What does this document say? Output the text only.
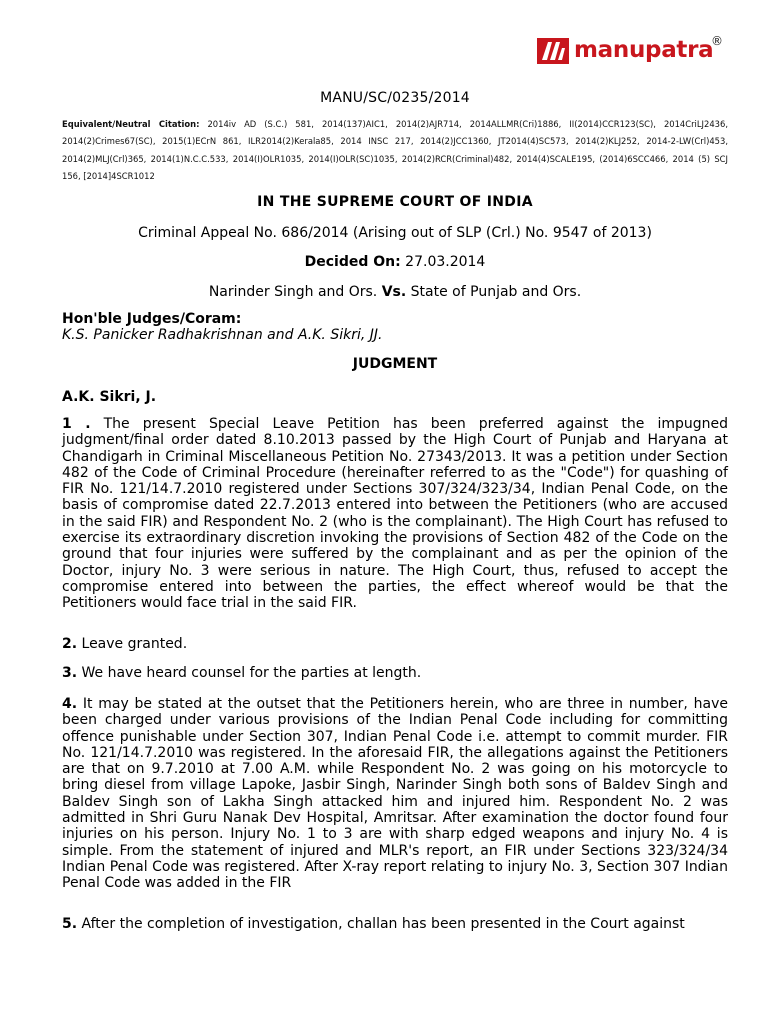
manupatra
®
MANU/SC/0235/2014
Equivalent/Neutral Citation: 2014iv AD (S.C.) 581, 2014(137)AIC1, 2014(2)AJR714, 2014ALLMR(Cri)1886, II(2014)CCR123(SC), 2014CriLJ2436, 2014(2)Crimes67(SC), 2015(1)ECrN 861, ILR2014(2)Kerala85, 2014 INSC 217, 2014(2)JCC1360, JT2014(4)SC573, 2014(2)KLJ252, 2014-2-LW(Crl)453, 2014(2)MLJ(Crl)365, 2014(1)N.C.C.533, 2014(I)OLR1035, 2014(I)OLR(SC)1035, 2014(2)RCR(Criminal)482, 2014(4)SCALE195, (2014)6SCC466, 2014 (5) SCJ 156, [2014]4SCR1012
IN THE SUPREME COURT OF INDIA
Criminal Appeal No. 686/2014 (Arising out of SLP (Crl.) No. 9547 of 2013)
Decided On: 27.03.2014
Narinder Singh and Ors. Vs. State of Punjab and Ors.
Hon'ble Judges/Coram:
K.S. Panicker Radhakrishnan and A.K. Sikri, JJ.
JUDGMENT
A.K. Sikri, J.
1 . The present Special Leave Petition has been preferred against the impugned judgment/final order dated 8.10.2013 passed by the High Court of Punjab and Haryana at Chandigarh in Criminal Miscellaneous Petition No. 27343/2013. It was a petition under Section 482 of the Code of Criminal Procedure (hereinafter referred to as the "Code") for quashing of FIR No. 121/14.7.2010 registered under Sections 307/324/323/34, Indian Penal Code, on the basis of compromise dated 22.7.2013 entered into between the Petitioners (who are accused in the said FIR) and Respondent No. 2 (who is the complainant). The High Court has refused to exercise its extraordinary discretion invoking the provisions of Section 482 of the Code on the ground that four injuries were suffered by the complainant and as per the opinion of the Doctor, injury No. 3 were serious in nature. The High Court, thus, refused to accept the compromise entered into between the parties, the effect whereof would be that the Petitioners would face trial in the said FIR.
2. Leave granted.
3. We have heard counsel for the parties at length.
4. It may be stated at the outset that the Petitioners herein, who are three in number, have been charged under various provisions of the Indian Penal Code including for committing offence punishable under Section 307, Indian Penal Code i.e. attempt to commit murder. FIR No. 121/14.7.2010 was registered. In the aforesaid FIR, the allegations against the Petitioners are that on 9.7.2010 at 7.00 A.M. while Respondent No. 2 was going on his motorcycle to bring diesel from village Lapoke, Jasbir Singh, Narinder Singh both sons of Baldev Singh and Baldev Singh son of Lakha Singh attacked him and injured him. Respondent No. 2 was admitted in Shri Guru Nanak Dev Hospital, Amritsar. After examination the doctor found four injuries on his person. Injury No. 1 to 3 are with sharp edged weapons and injury No. 4 is simple. From the statement of injured and MLR's report, an FIR under Sections 323/324/34 Indian Penal Code was registered. After X-ray report relating to injury No. 3, Section 307 Indian Penal Code was added in the FIR
5. After the completion of investigation, challan has been presented in the Court against
